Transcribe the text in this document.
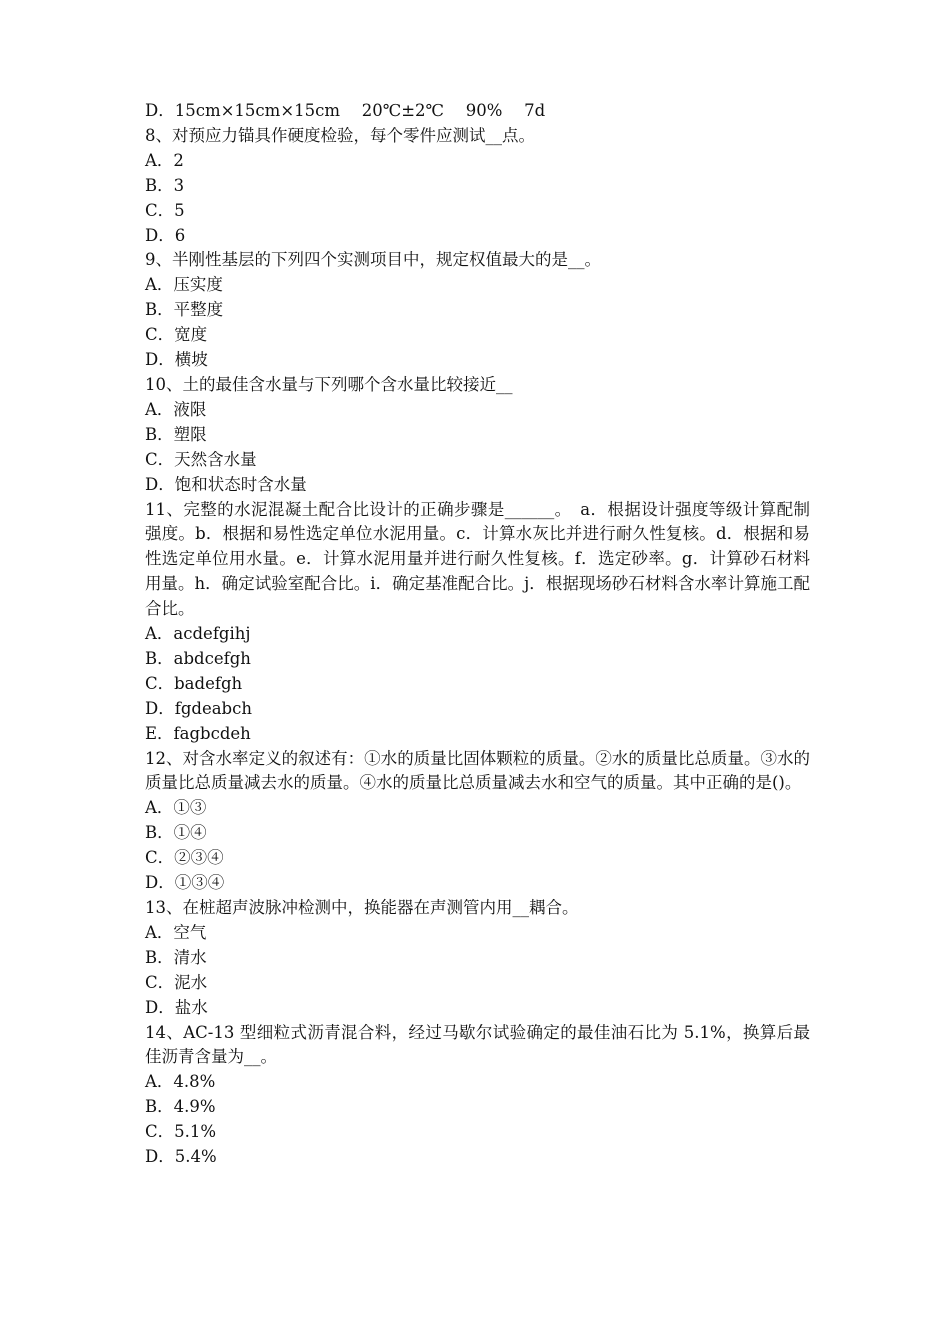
D．15cm×15cm×15cm　 20℃±2℃　 90%　 7d

8、对预应力锚具作硬度检验，每个零件应测试__点。

A．2

B．3

C．5

D．6

9、半刚性基层的下列四个实测项目中，规定权值最大的是__。

A．压实度

B．平整度

C．宽度

D．横坡

10、土的最佳含水量与下列哪个含水量比较接近__

A．液限

B．塑限

C．天然含水量

D．饱和状态时含水量

11、完整的水泥混凝土配合比设计的正确步骤是______。　a．根据设计强度等级计算配制强度。b．根据和易性选定单位水泥用量。c．计算水灰比并进行耐久性复核。d．根据和易性选定单位用水量。e．计算水泥用量并进行耐久性复核。f．选定砂率。g．计算砂石材料用量。h．确定试验室配合比。i．确定基准配合比。j．根据现场砂石材料含水率计算施工配合比。

A．acdefgihj

B．abdcefgh

C．badefgh

D．fgdeabch

E．fagbcdeh

12、对含水率定义的叙述有：①水的质量比固体颗粒的质量。②水的质量比总质量。③水的质量比总质量减去水的质量。④水的质量比总质量减去水和空气的质量。其中正确的是()。

A．①③

B．①④

C．②③④

D．①③④

13、在桩超声波脉冲检测中，换能器在声测管内用__耦合。

A．空气

B．清水

C．泥水

D．盐水

14、AC-13 型细粒式沥青混合料，经过马歇尔试验确定的最佳油石比为 5.1%，换算后最佳沥青含量为__。

A．4.8%

B．4.9%

C．5.1%

D．5.4%
